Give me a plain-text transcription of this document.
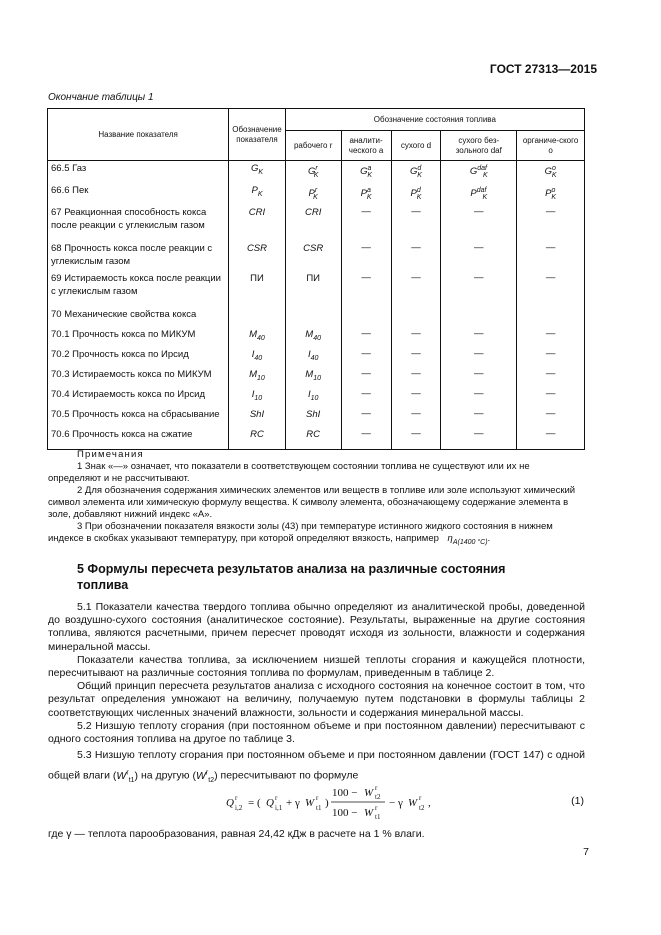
ГОСТ 27313—2015
Окончание таблицы 1
Название показателя	Обозначение показателя	Обозначение состояния топлива				
		рабочего r	аналити-ческого a	сухого d	сухого без-зольного daf	органиче-ского o
66.5 Газ	$G_K$	$G^r_K$	$G^a_K$	$G^d_K$	$G^{daf}_K$	$G^o_K$
66.6 Пек	$P_K$	$P^r_K$	$P^a_K$	$P^d_K$	$P^{daf}_K$	$P^o_K$
67 Реакционная способность кокса после реакции с углекислым газом	CRI	CRI	—	—	—	—
68 Прочность кокса после реакции с углекислым газом	CSR	CSR	—	—	—	—
69 Истираемость кокса после реакции с углекислым газом	ПИ	ПИ	—	—	—	—
70 Механические свойства кокса						
70.1 Прочность кокса по МИКУМ	$M_{40}$	$M_{40}$	—	—	—	—
70.2 Прочность кокса по Ирсид	$I_{40}$	$I_{40}$	—	—	—	—
70.3 Истираемость кокса по МИКУМ	$M_{10}$	$M_{10}$	—	—	—	—
70.4 Истираемость кокса по Ирсид	$I_{10}$	$I_{10}$	—	—	—	—
70.5 Прочность кокса на сбрасывание	ShI	ShI	—	—	—	—
70.6 Прочность кокса на сжатие	RC	RC	—	—	—	—
Примечания

1 Знак «—» означает, что показатели в соответствующем состоянии топлива не существуют или их не определяют и не рассчитывают.

2 Для обозначения содержания химических элементов или веществ в топливе или золе используют химический символ элемента или химическую формулу вещества. К символу элемента, обозначающему содержание элемента в золе, добавляют нижний индекс «А».

3 При обозначении показателя вязкости золы (43) при температуре истинного жидкого состояния в нижнем индексе в скобках указывают температуру, при которой определяют вязкость, например $\eta_{A(1400 ^\circ C)}$.

5 Формулы пересчета результатов анализа на различные состояния
топлива

5.1 Показатели качества твердого топлива обычно определяют из аналитической пробы, доведенной до воздушно-сухого состояния (аналитическое состояние). Результаты, выраженные на другие состояния топлива, являются расчетными, причем пересчет проводят исходя из зольности, влажности и содержания минеральной массы.

Показатели качества топлива, за исключением низшей теплоты сгорания и кажущейся плотности, пересчитывают на различные состояния топлива по формулам, приведенным в таблице 2.

Общий принцип пересчета результатов анализа с исходного состояния на конечное состоит в том, что результат определения умножают на величину, получаемую путем подстановки в формулы таблицы 2 соответствующих численных значений влажности, зольности и содержания минеральной массы.

5.2 Низшую теплоту сгорания (при постоянном объеме и при постоянном давлении) пересчитывают с одного состояния топлива на другое по таблице 3.

5.3 Низшую теплоту сгорания при постоянном объеме и при постоянном давлении (ГОСТ 147) с одной общей влаги $(W^r_{t1})$ на другую $(W^r_{t2})$ пересчитывают по формуле

Q r
i,2 = ( Q r
i,1 + γ W r
t1 )
100 − W r
t2
100 − W r
t1
− γ W r
t2 ,	(1)
где γ — теплота парообразования, равная 24,42 кДж в расчете на 1 % влаги.
7
